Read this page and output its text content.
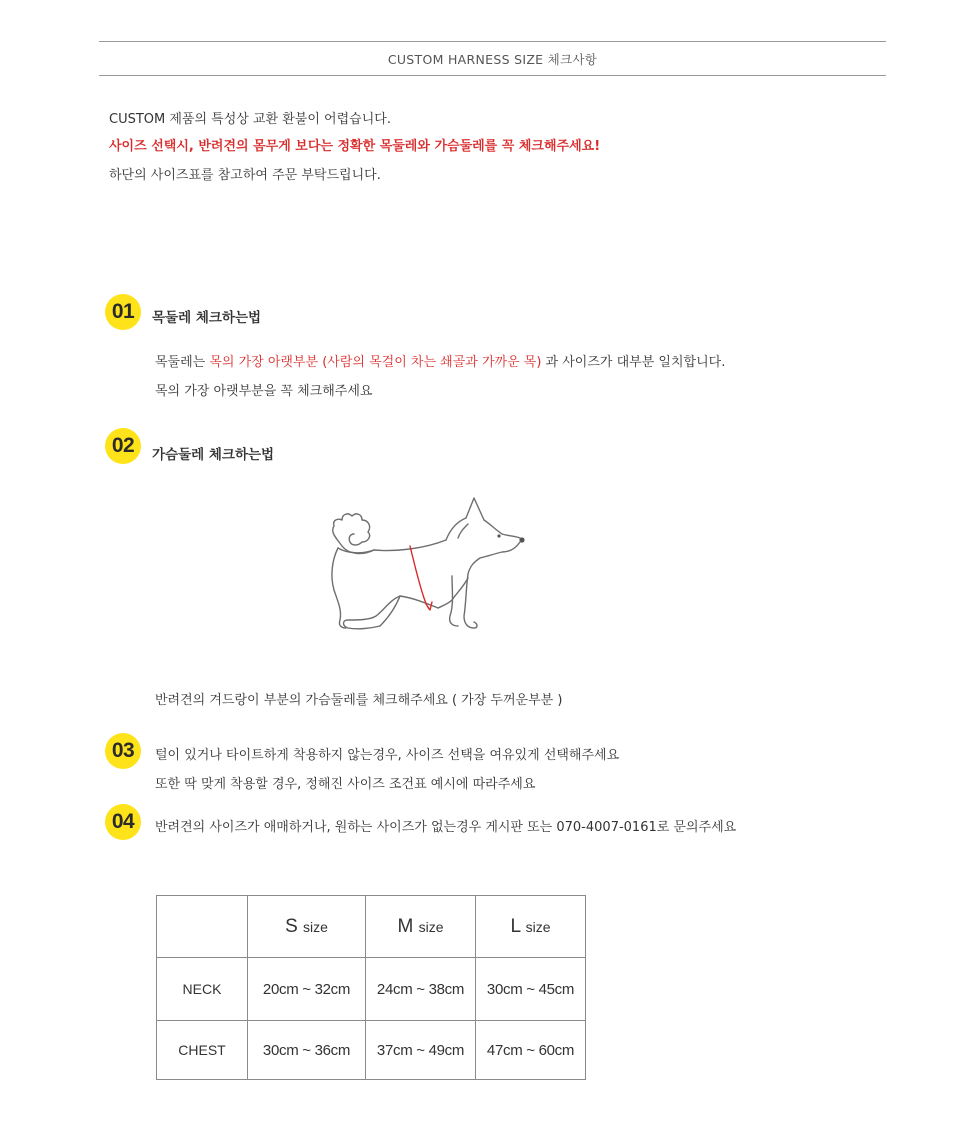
CUSTOM HARNESS SIZE 체크사항
CUSTOM 제품의 특성상 교환 환불이 어렵습니다.
사이즈 선택시, 반려견의 몸무게 보다는 정확한 목둘레와 가슴둘레를 꼭 체크해주세요!
하단의 사이즈표를 참고하여 주문 부탁드립니다.
01	목둘레 체크하는법
목둘레는 목의 가장 아랫부분 (사람의 목걸이 차는 쇄골과 가까운 목) 과 사이즈가 대부분 일치합니다.
목의 가장 아랫부분을 꼭 체크해주세요
02	가슴둘레 체크하는법
반려견의 겨드랑이 부분의 가슴둘레를 체크해주세요 ( 가장 두꺼운부분 )
03	털이 있거나 타이트하게 착용하지 않는경우, 사이즈 선택을 여유있게 선택해주세요
또한 딱 맞게 착용할 경우, 정해진 사이즈 조건표 예시에 따라주세요
04	반려견의 사이즈가 애매하거나, 원하는 사이즈가 없는경우 게시판 또는 070-4007-0161로 문의주세요
	S size	M size	L size
NECK	20cm ~ 32cm	24cm ~ 38cm	30cm ~ 45cm
CHEST	30cm ~ 36cm	37cm ~ 49cm	47cm ~ 60cm
